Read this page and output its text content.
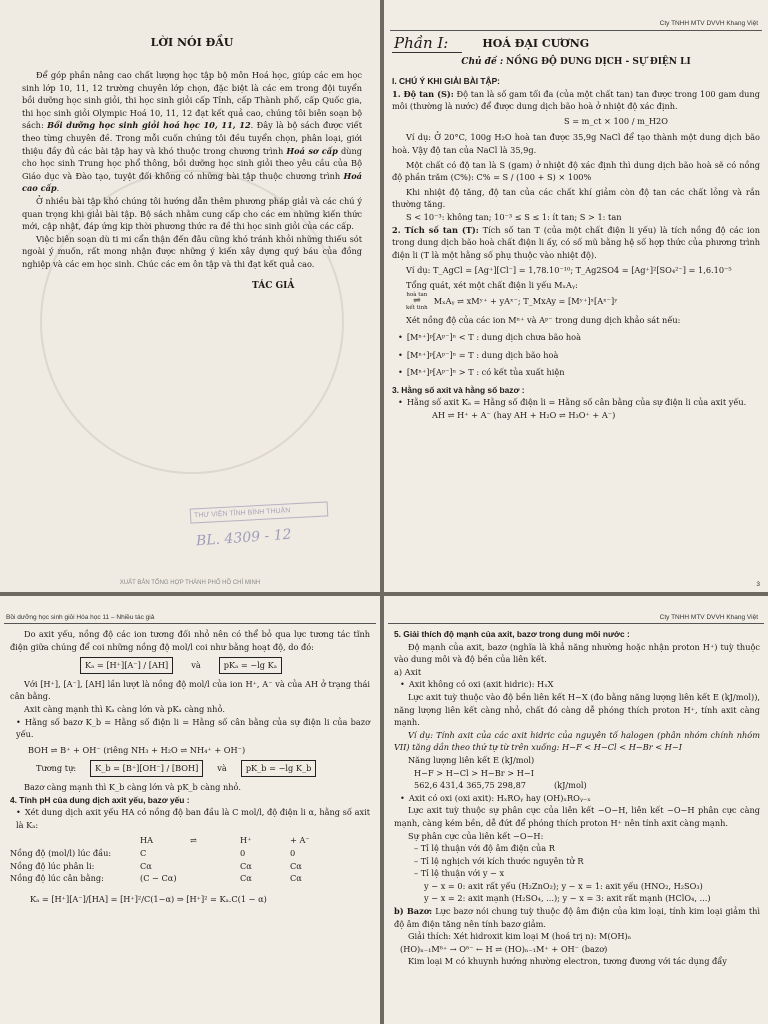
LỜI NÓI ĐẦU

Để góp phần nâng cao chất lượng học tập bộ môn Hoá học, giúp các em học sinh lớp 10, 11, 12 trường chuyên lớp chọn, đặc biệt là các em trong đội tuyển bồi dưỡng học sinh giỏi, thi học sinh giỏi cấp Tỉnh, cấp Thành phố, cấp Quốc gia, thi học sinh giỏi Olympic Hoá 10, 11, 12 đạt kết quả cao, chúng tôi biên soạn bộ sách: Bồi dưỡng học sinh giỏi hoá học 10, 11, 12. Đây là bộ sách được viết theo từng chuyên đề. Trong mỗi cuốn chúng tôi đều tuyển chọn, phân loại, giới thiệu đầy đủ các bài tập hay và khó thuộc trong chương trình Hoá sơ cấp dùng cho học sinh Trung học phổ thông, bồi dưỡng học sinh giỏi theo yêu cầu của Bộ Giáo dục và Đào tạo, tuyệt đối không có những bài tập thuộc chương trình Hoá cao cấp.

Ở nhiều bài tập khó chúng tôi hướng dẫn thêm phương pháp giải và các chú ý quan trọng khi giải bài tập. Bộ sách nhằm cung cấp cho các em những kiến thức mới, cập nhật, đáp ứng kịp thời phương thức ra đề thi học sinh giỏi của các cấp.

Việc biên soạn dù ti mi cẩn thận đến đâu cũng khó tránh khỏi những thiếu sót ngoài ý muốn, rất mong nhận được những ý kiến xây dựng quý báu của đồng nghiệp và các em học sinh. Chúc các em ôn tập và thi đạt kết quả cao.

TÁC GIẢ

THƯ VIỆN TỈNH BÌNH THUẬN
BL. 4309 - 12
XUẤT BẢN TỔNG HỢP THÀNH PHỐ HỒ CHÍ MINH
Cty TNHH MTV DVVH Khang Việt
Phần I:	HOÁ ĐẠI CƯƠNG

Chủ đề : NỒNG ĐỘ DUNG DỊCH - SỰ ĐIỆN LI

I. CHÚ Ý KHI GIẢI BÀI TẬP:

1. Độ tan (S): Độ tan là số gam tối đa (của một chất tan) tan được trong 100 gam dung môi (thường là nước) để được dung dịch bão hoà ở nhiệt độ xác định.

S = m_ct × 100 / m_H2O

Ví dụ: Ở 20°C, 100g H₂O hoà tan được 35,9g NaCl để tạo thành một dung dịch bão hoà. Vậy độ tan của NaCl là 35,9g.

Một chất có độ tan là S (gam) ở nhiệt độ xác định thì dung dịch bão hoà sẽ có nồng độ phần trăm (C%): C% = S / (100 + S) × 100%

Khi nhiệt độ tăng, độ tan của các chất khí giảm còn độ tan các chất lỏng và rắn thường tăng.

S < 10⁻³: không tan; 10⁻³ ≤ S ≤ 1: ít tan; S > 1: tan

2. Tích số tan (T): Tích số tan T (của một chất điện li yếu) là tích nồng độ các ion trong dung dịch bão hoà chất điện li ấy, có số mũ bằng hệ số hợp thức của phương trình điện li (T là một hằng số phụ thuộc vào nhiệt độ).

Ví dụ: T_AgCl = [Ag⁺][Cl⁻] = 1,78.10⁻¹⁰; T_Ag2SO4 = [Ag⁺]²[SO₄²⁻] = 1,6.10⁻⁵

Tổng quát, xét một chất điện li yếu MₓAᵧ:

hoà tan
⇌
kết tinh
MₓAᵧ ⇌ xMʸ⁺ + yAˣ⁻; T_MxAy = [Mʸ⁺]ˣ[Aˣ⁻]ʸ

Xét nồng độ của các ion Mⁿ⁺ và Aᵖ⁻ trong dung dịch khảo sát nếu:

• [Mⁿ⁺]ᵖ[Aᵖ⁻]ⁿ < T : dung dịch chưa bão hoà

• [Mⁿ⁺]ᵖ[Aᵖ⁻]ⁿ = T : dung dịch bão hoà

• [Mⁿ⁺]ᵖ[Aᵖ⁻]ⁿ > T : có kết tủa xuất hiện

3. Hằng số axit và hằng số bazơ :

• Hằng số axit Kₐ = Hằng số điện li = Hằng số cân bằng của sự điện li của axit yếu.

AH ⇌ H⁺ + A⁻ (hay AH + H₂O ⇌ H₃O⁺ + A⁻)

3
Bồi dưỡng học sinh giỏi Hóa học 11 – Nhiều tác giả

Do axit yếu, nồng độ các ion tương đối nhỏ nên có thể bỏ qua lực tương tác tĩnh điện giữa chúng để coi những nồng độ mol/l coi như bằng hoạt độ, do đó:

Kₐ = [H⁺][A⁻] / [AH]	và	pKₐ = −lg Kₐ

Với [H⁺], [A⁻], [AH] lần lượt là nồng độ mol/l của ion H⁺, A⁻ và của AH ở trạng thái cân bằng.

Axit càng mạnh thì Kₐ càng lớn và pKₐ càng nhỏ.

• Hằng số bazơ K_b = Hằng số điện li = Hằng số cân bằng của sự điện li của bazơ yếu.

BOH ⇌ B⁺ + OH⁻ (riêng NH₃ + H₂O ⇌ NH₄⁺ + OH⁻)

Tương tự:	K_b = [B⁺][OH⁻] / [BOH]	và	pK_b = −lg K_b

Bazơ càng mạnh thì K_b càng lớn và pK_b càng nhỏ.

4. Tính pH của dung dịch axit yếu, bazơ yếu :

• Xét dung dịch axit yếu HA có nồng độ ban đầu là C mol/l, độ điện li α, hằng số axit là Kₐ:

HA	⇌	H⁺	+ A⁻
Nồng độ (mol/l) lúc đầu:	C	0	0
Nồng độ lúc phân li:	Cα	Cα	Cα
Nồng độ lúc cân bằng:	(C − Cα)	Cα	Cα

Kₐ = [H⁺][A⁻]/[HA] = [H⁺]²/C(1−α) ⇒ [H⁺]² = Kₐ.C(1 − α)

Cty TNHH MTV DVVH Khang Việt

5. Giải thích độ mạnh của axit, bazơ trong dung môi nước :

Độ mạnh của axit, bazơ (nghĩa là khả năng nhường hoặc nhận proton H⁺) tuỳ thuộc vào dung môi và độ bền của liên kết.

a) Axit

• Axit không có oxi (axit hidric): HₓX

Lực axit tuỳ thuộc vào độ bền liên kết H−X (đo bằng năng lượng liên kết E (kJ/mol)), năng lượng liên kết càng nhỏ, chất đó càng dễ phóng thích proton H⁺, tính axit càng mạnh.

Ví dụ: Tính axit của các axit hidric của nguyên tố halogen (phân nhóm chính nhóm VII) tăng dần theo thứ tự từ trên xuống: H−F < H−Cl < H−Br < H−I

Năng lượng liên kết E (kJ/mol)

H−F > H−Cl > H−Br > H−I

562,6 431,4 365,75 298,87	(kJ/mol)

• Axit có oxi (oxi axit): HₓROᵧ hay (OH)ₓROᵧ₋ₓ

Lực axit tuỳ thuộc sự phân cực của liên kết −O−H, liên kết −O−H phân cực càng mạnh, càng kém bền, dễ đứt để phóng thích proton H⁺ nên tính axit càng mạnh.

Sự phân cực của liên kết −O−H:

– Tỉ lệ thuận với độ âm điện của R

– Tỉ lệ nghịch với kích thước nguyên tử R

– Tỉ lệ thuận với y − x

y − x = 0: axit rất yếu (H₂ZnO₂); y − x = 1: axit yếu (HNO₂, H₂SO₃)

y − x = 2: axit mạnh (H₂SO₄, ...); y − x = 3: axit rất mạnh (HClO₄, ...)

b) Bazơ: Lực bazơ nói chung tuỳ thuộc độ âm điện của kim loại, tính kim loại giảm thì độ âm điện tăng nên tính bazơ giảm.

Giải thích: Xét hidroxit kim loại M (hoá trị n): M(OH)ₙ

(HO)ₙ₋₁Mᵟ⁺ → Oᵟ⁻ ← H ⇌ (HO)ₙ₋₁M⁺ + OH⁻ (bazơ)

Kim loại M có khuynh hướng nhường electron, tương đương với tác dụng đẩy
